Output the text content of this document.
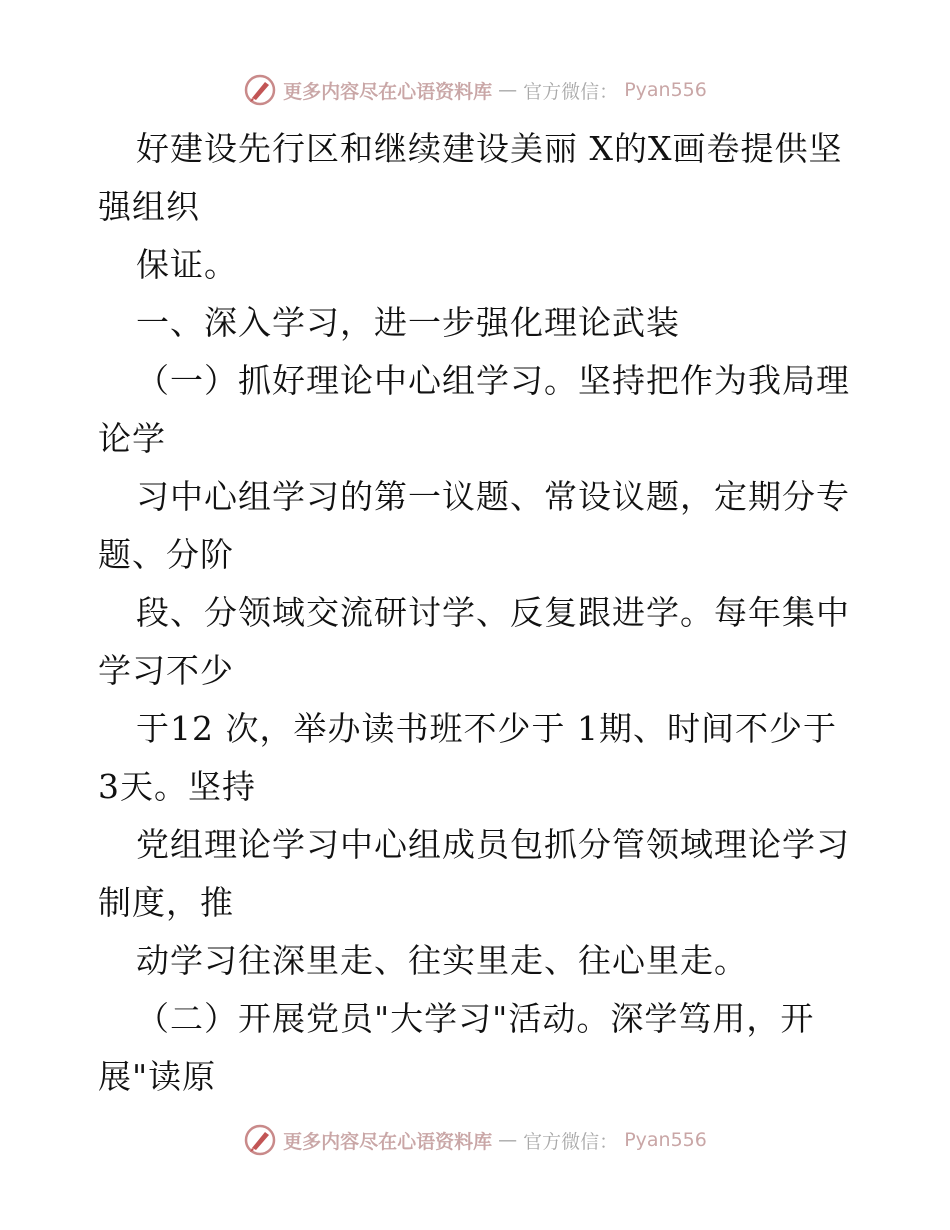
更多内容尽在心语资料库 — 官方微信： Pyan556
好建设先行区和继续建设美丽 X的X画卷提供坚
强组织
保证。
一、深入学习，进一步强化理论武装
（一）抓好理论中心组学习。坚持把作为我局理
论学
习中心组学习的第一议题、常设议题，定期分专
题、分阶
段、分领域交流研讨学、反复跟进学。每年集中
学习不少
于12 次，举办读书班不少于 1期、时间不少于
3天。坚持
党组理论学习中心组成员包抓分管领域理论学习
制度，推
动学习往深里走、往实里走、往心里走。
（二）开展党员"大学习"活动。深学笃用，开
展"读原
更多内容尽在心语资料库 — 官方微信： Pyan556
